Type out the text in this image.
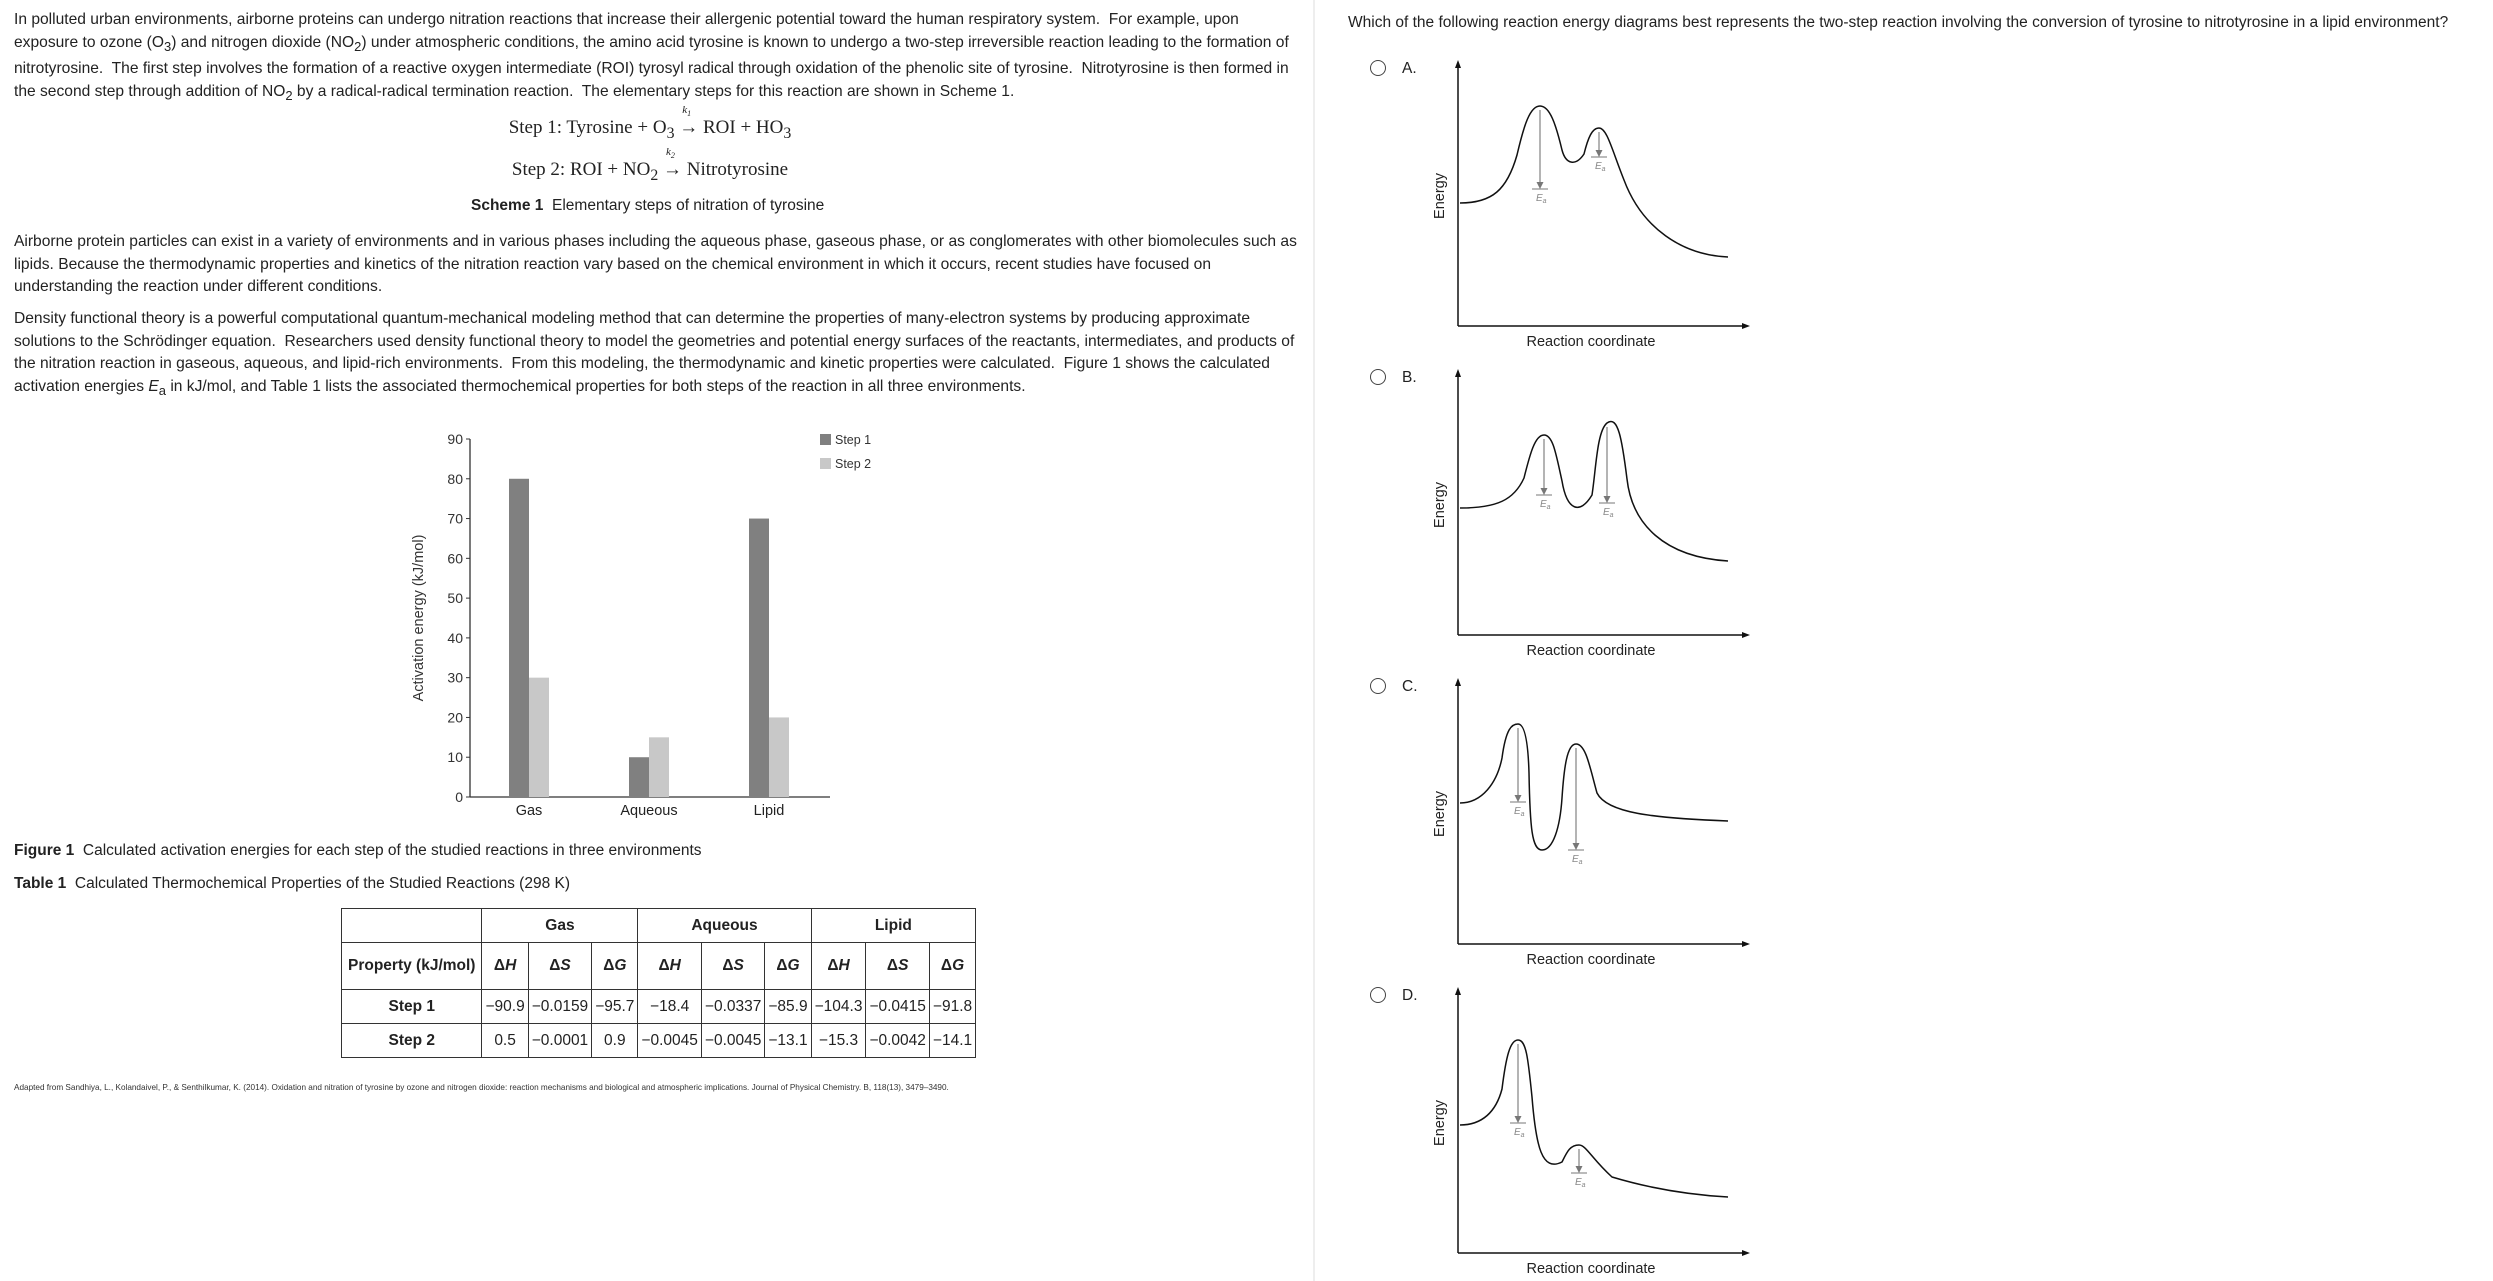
In polluted urban environments, airborne proteins can undergo nitration reactions that increase their allergenic potential toward the human respiratory system.  For example, upon exposure to ozone $(O_3)$ and nitrogen dioxide $(NO_2)$ under atmospheric conditions, the amino acid tyrosine is known to undergo a two-step irreversible reaction leading to the formation of nitrotyrosine.  The first step involves the formation of a reactive oxygen intermediate (ROI) tyrosyl radical through oxidation of the phenolic site of tyrosine.  Nitrotyrosine is then formed in the second step through addition of $NO_2$ by a radical-radical termination reaction.  The elementary steps for this reaction are shown in Scheme 1.

Step 1: Tyrosine + $O_3$ →
$k_1$
ROI + $HO_3$
Step 2: ROI + $NO_2$ →
$k_2$
Nitrotyrosine
Scheme 1 Elementary steps of nitration of tyrosine

Airborne protein particles can exist in a variety of environments and in various phases including the aqueous phase, gaseous phase, or as conglomerates with other biomolecules such as lipids. Because the thermodynamic properties and kinetics of the nitration reaction vary based on the chemical environment in which it occurs, recent studies have focused on understanding the reaction under different conditions.

Density functional theory is a powerful computational quantum-mechanical modeling method that can determine the properties of many-electron systems by producing approximate solutions to the Schrödinger equation.  Researchers used density functional theory to model the geometries and potential energy surfaces of the reactants, intermediates, and products of the nitration reaction in gaseous, aqueous, and lipid-rich environments.  From this modeling, the thermodynamic and kinetic properties were calculated.  Figure 1 shows the calculated activation energies $E_a$ in kJ/mol, and Table 1 lists the associated thermochemical properties for both steps of the reaction in all three environments.

0
10
20
30
40
50
60
70
80
90
Activation energy (kJ/mol)
Gas	Aqueous	Lipid
Step 1
Step 2
Figure 1 Calculated activation energies for each step of the studied reactions in three environments
Table 1 Calculated Thermochemical Properties of the Studied Reactions (298 K)
	Gas			Aqueous			Lipid		
Property (kJ/mol)	ΔH	ΔS	ΔG	ΔH	ΔS	ΔG	ΔH	ΔS	ΔG
Step 1	−90.9	−0.0159	−95.7	−18.4	−0.0337	−85.9	−104.3	−0.0415	−91.8
Step 2	0.5	−0.0001	0.9	−0.0045	−0.0045	−13.1	−15.3	−0.0042	−14.1
Adapted from Sandhiya, L., Kolandaivel, P., & Senthilkumar, K. (2014). Oxidation and nitration of tyrosine by ozone and nitrogen dioxide: reaction mechanisms and biological and atmospheric implications. Journal of Physical Chemistry. B, 118(13), 3479–3490.
Which of the following reaction energy diagrams best represents the two-step reaction involving the conversion of tyrosine to nitrotyrosine in a lipid environment?
A.
Energy
Reaction coordinate
$E_a$
$E_a$
B.
Energy
Reaction coordinate
$E_a$	$E_a$
C.
Energy
Reaction coordinate
$E_a$
$E_a$
D.
Energy
Reaction coordinate
$E_a$
$E_a$
